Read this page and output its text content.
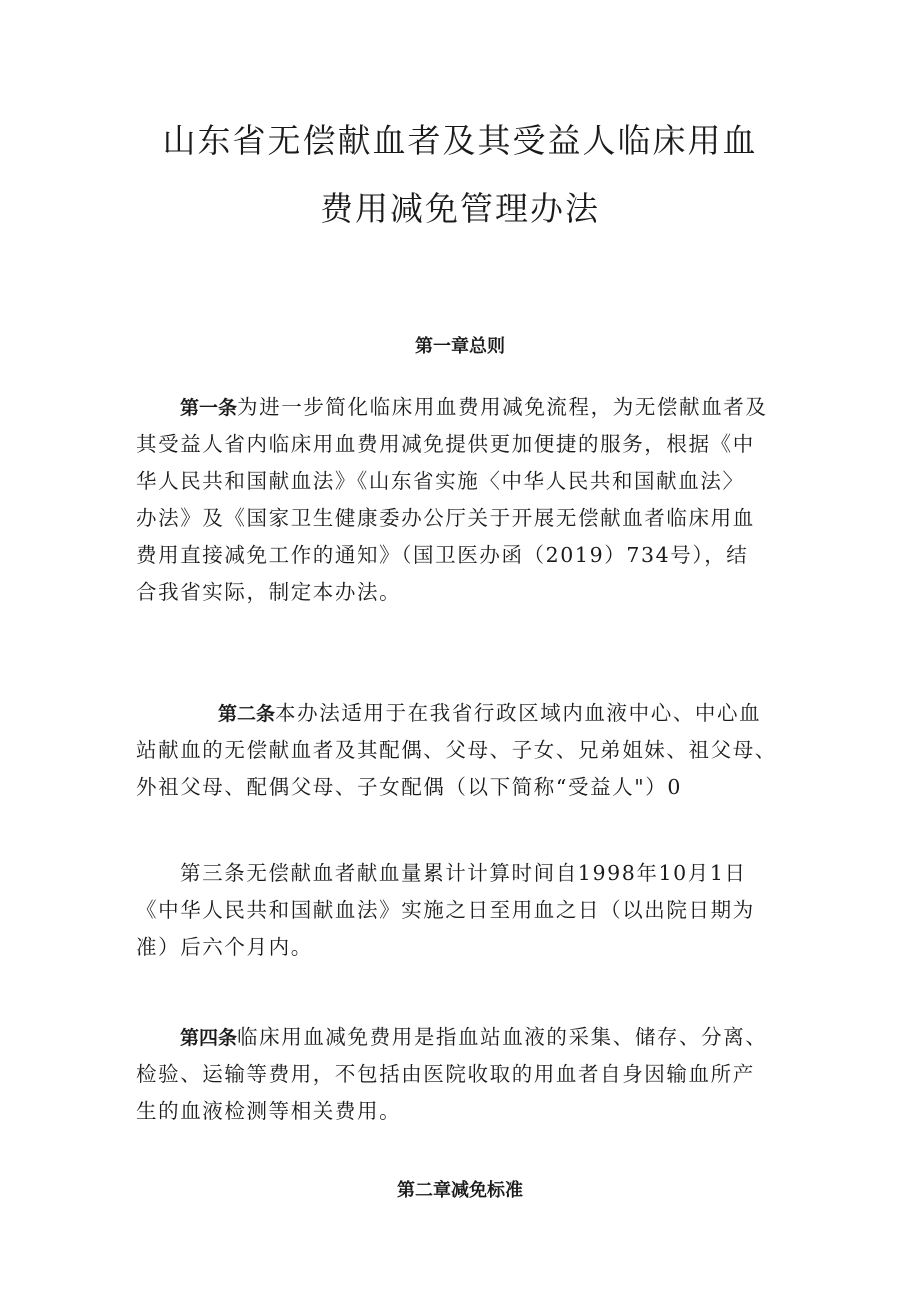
山东省无偿献血者及其受益人临床用血
费用减免管理办法
第一章总则
第一条为进一步简化临床用血费用减免流程，为无偿献血者及
其受益人省内临床用血费用减免提供更加便捷的服务，根据《中
华人民共和国献血法》《山东省实施〈中华人民共和国献血法〉
办法》及《国家卫生健康委办公厅关于开展无偿献血者临床用血
费用直接减免工作的通知》（国卫医办函（2019）734号），结
合我省实际，制定本办法。
第二条本办法适用于在我省行政区域内血液中心、中心血
站献血的无偿献血者及其配偶、父母、子女、兄弟姐妹、祖父母、
外祖父母、配偶父母、子女配偶（以下简称“受益人"）0
第三条无偿献血者献血量累计计算时间自1998年10月1日
《中华人民共和国献血法》实施之日至用血之日（以出院日期为
准）后六个月内。
第四条临床用血减免费用是指血站血液的采集、储存、分离、
检验、运输等费用，不包括由医院收取的用血者自身因输血所产
生的血液检测等相关费用。
第二章减免标准
